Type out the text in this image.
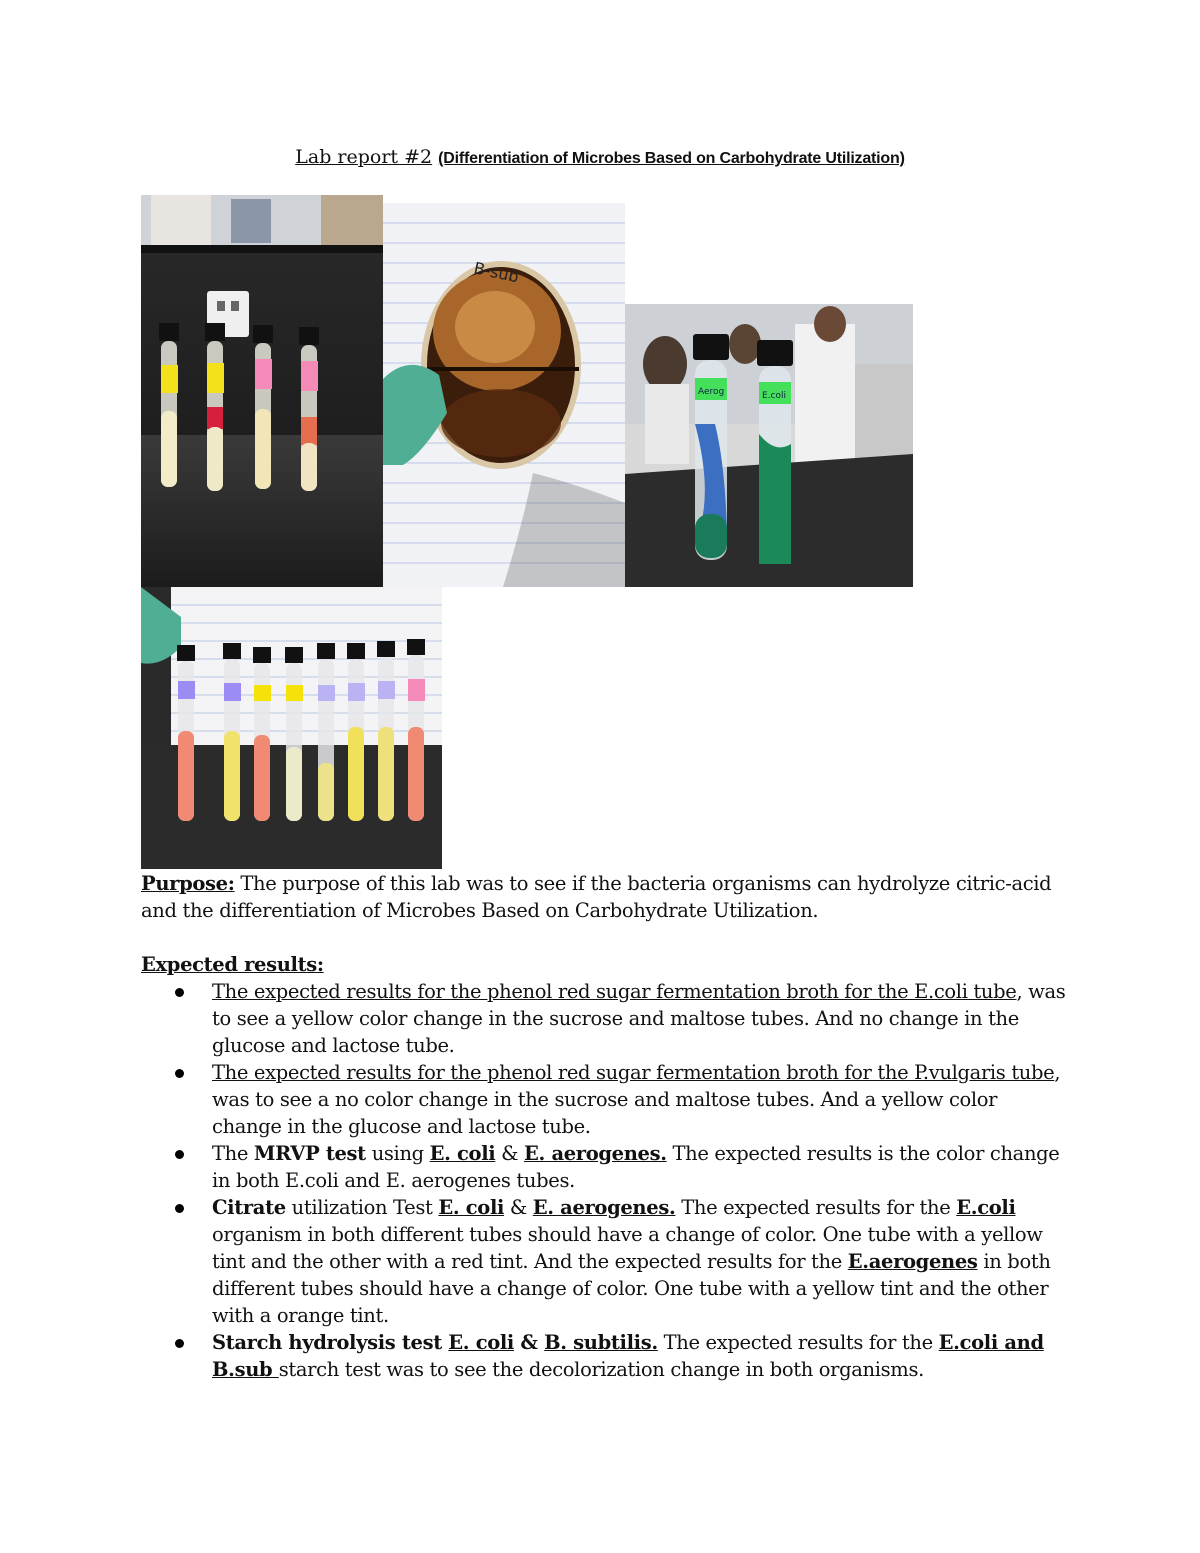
Lab report #2 (Differentiation of Microbes Based on Carbohydrate Utilization)
B-sub
Aerog	E.coli

Purpose: The purpose of this lab was to see if the bacteria organisms can hydrolyze citric-acid and the differentiation of Microbes Based on Carbohydrate Utilization.

Expected results:

The expected results for the phenol red sugar fermentation broth for the E.coli tube, was to see a yellow color change in the sucrose and maltose tubes. And no change in the glucose and lactose tube.
The expected results for the phenol red sugar fermentation broth for the P.vulgaris tube, was to see a no color change in the sucrose and maltose tubes. And a yellow color change in the glucose and lactose tube.
The MRVP test using E. coli & E. aerogenes. The expected results is the color change in both E.coli and E. aerogenes tubes.
Citrate utilization Test E. coli & E. aerogenes. The expected results for the E.coli organism in both different tubes should have a change of color. One tube with a yellow tint and the other with a red tint. And the expected results for the E.aerogenes in both different tubes should have a change of color. One tube with a yellow tint and the other with a orange tint.
Starch hydrolysis test E. coli & B. subtilis. The expected results for the E.coli and B.sub starch test was to see the decolorization change in both organisms.
